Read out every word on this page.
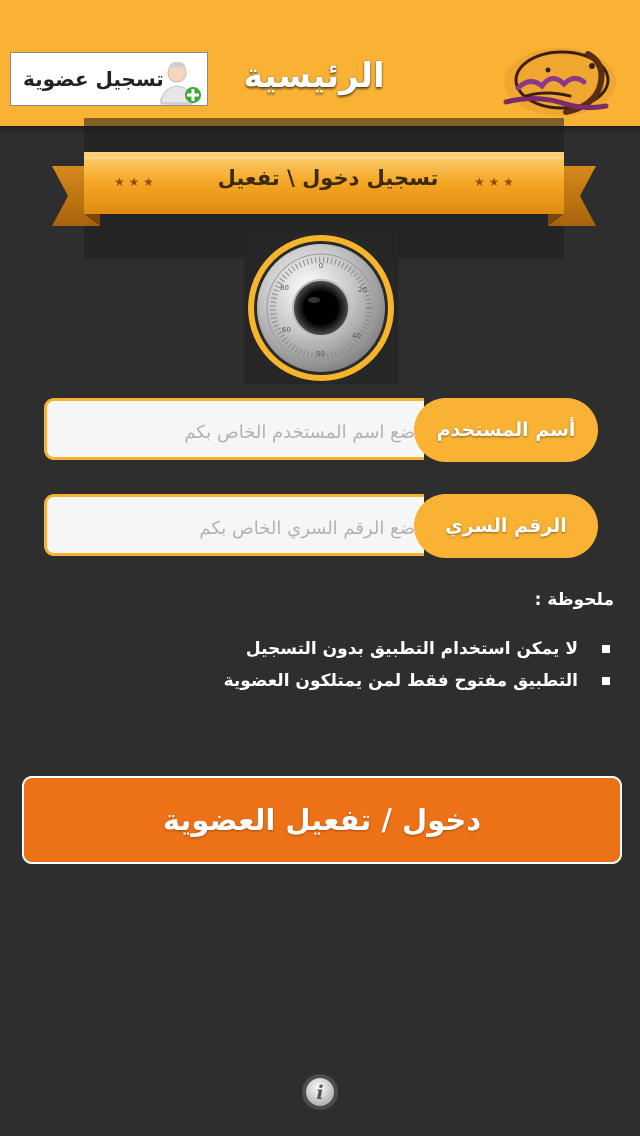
تسجيل عضوية الرئيسية
★ ★ ★	★ ★ ★
تسجيل دخول \ تفعيل
0
20
40
50
60
80
ضع اسم المستخدم الخاص بكم
أسم المستخدم
الرقم السري
ملحوظة :
لا يمكن استخدام التطبيق بدون التسجيل
التطبيق مفتوح فقط لمن يمتلكون العضوية
دخول / تفعيل العضوية
i
